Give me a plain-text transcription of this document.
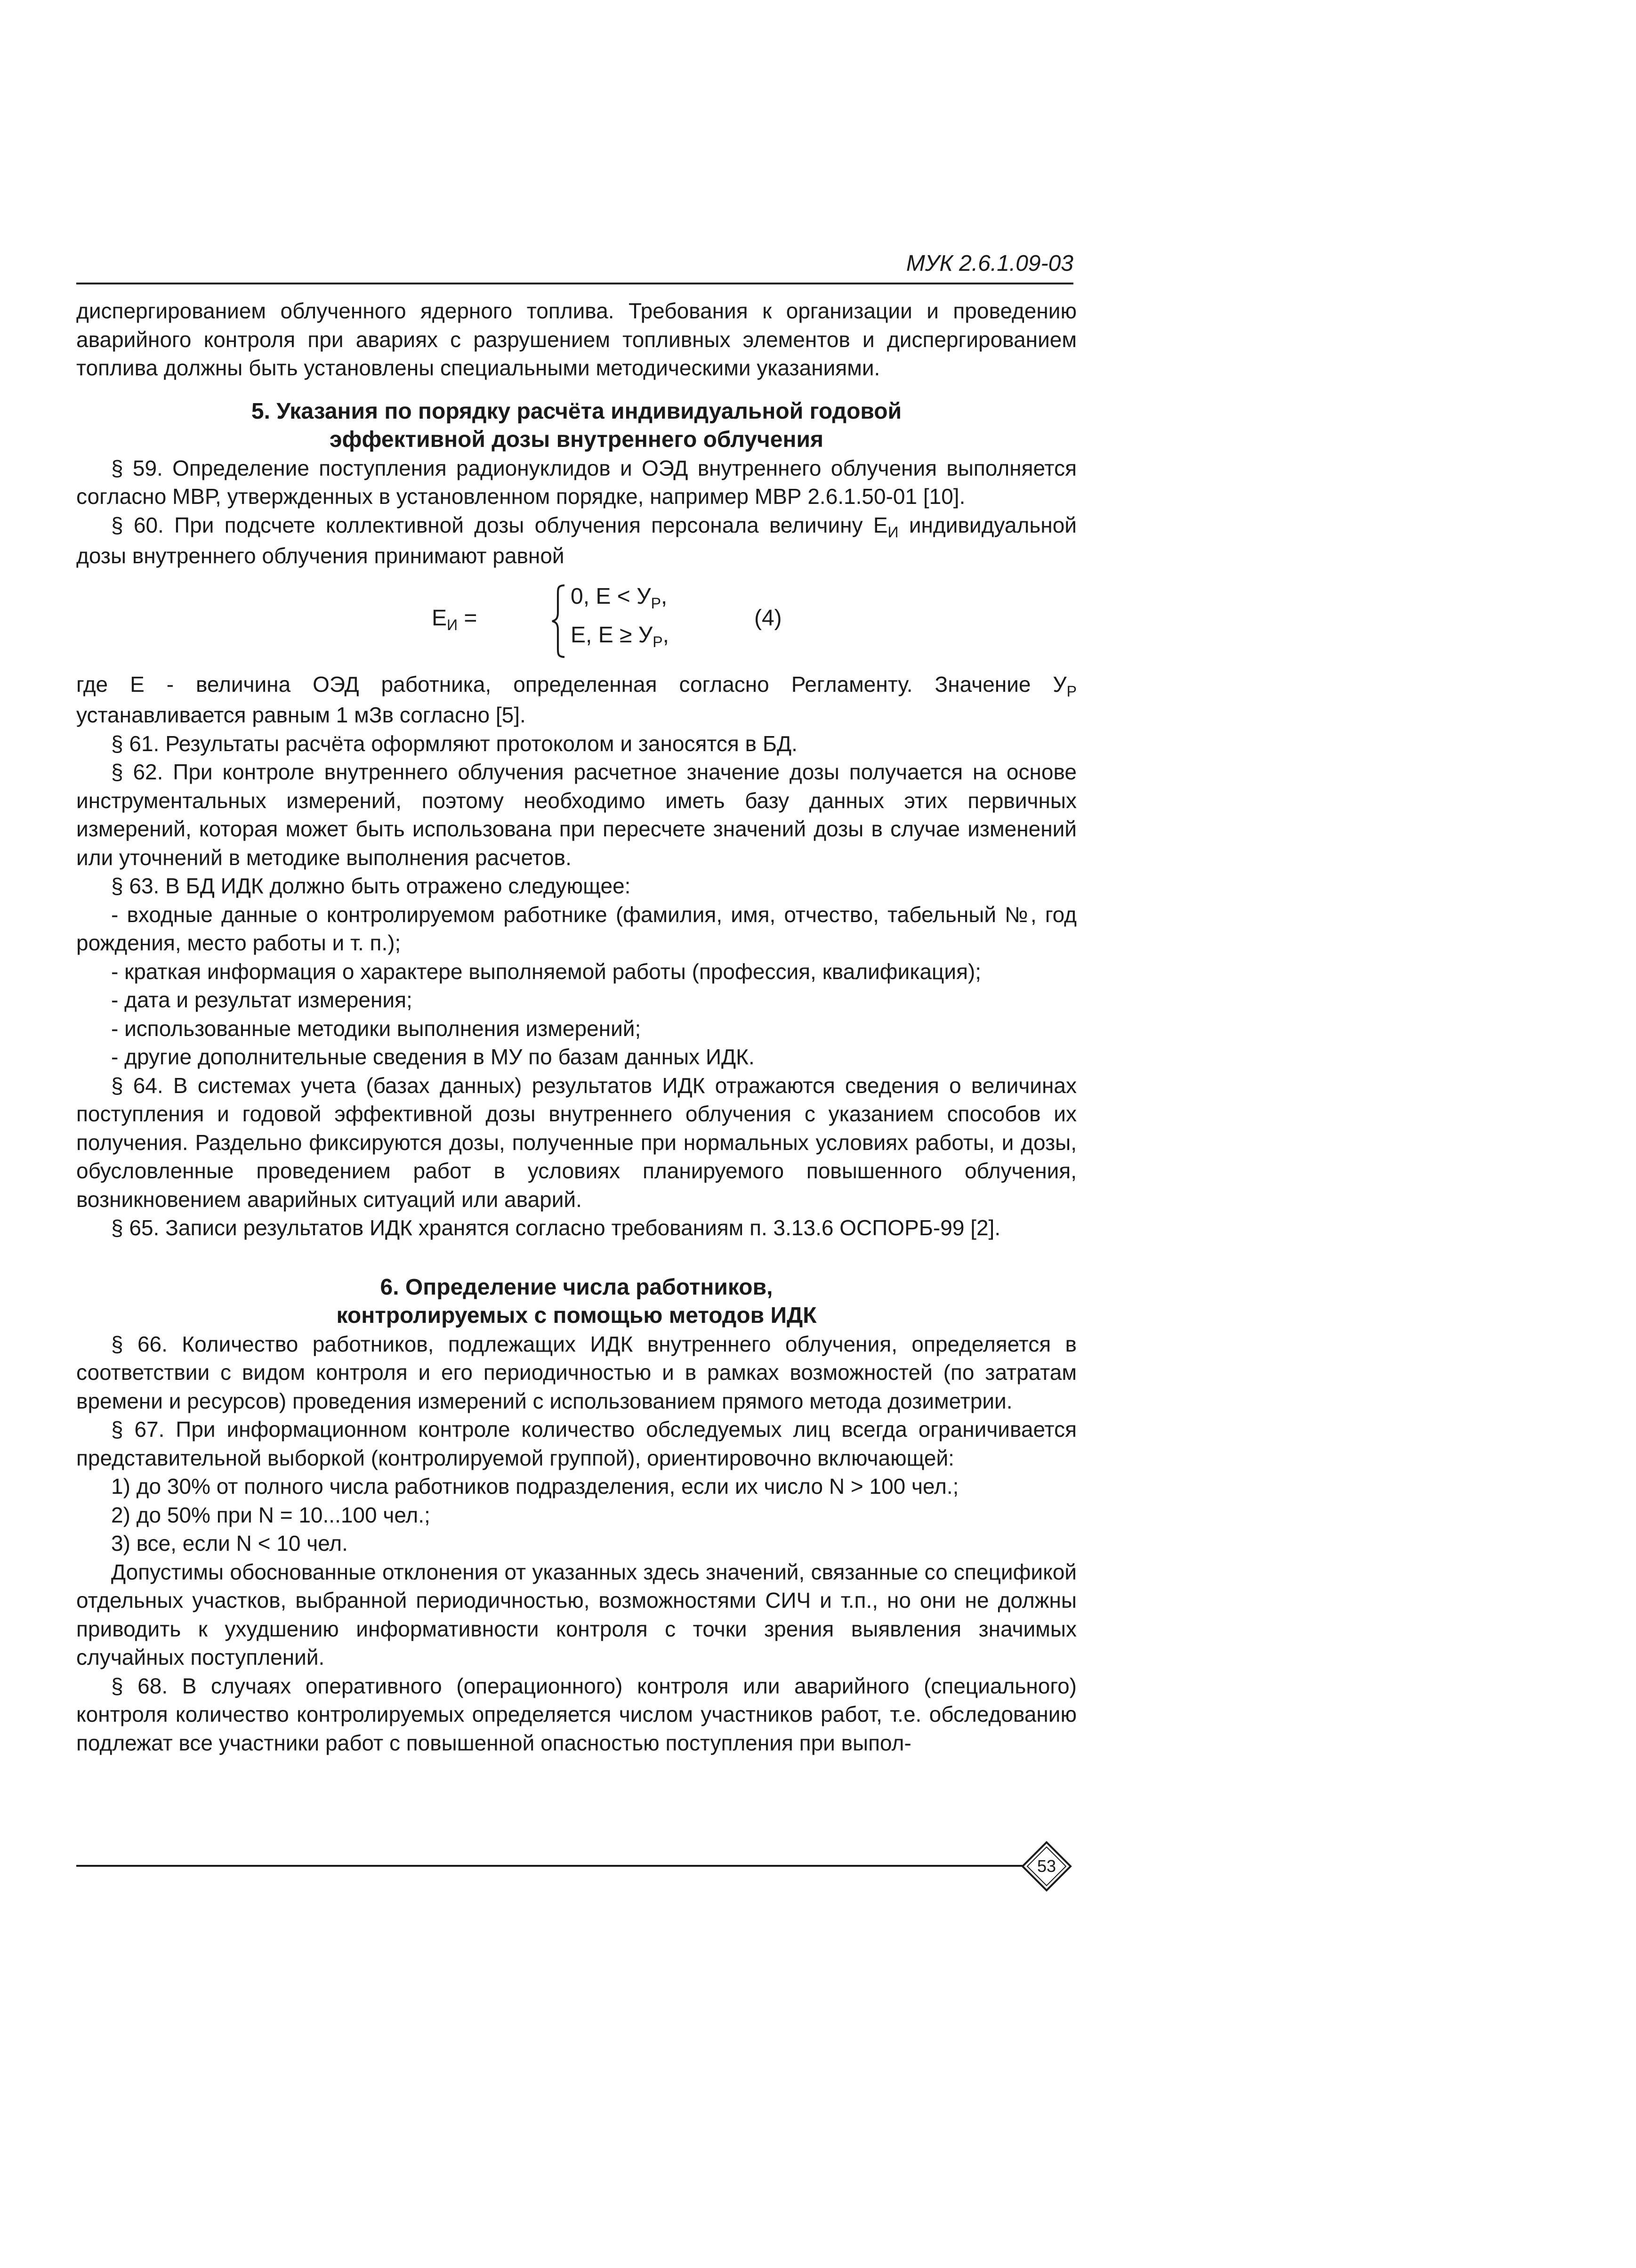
МУК 2.6.1.09-03

диспергированием облученного ядерного топлива. Требования к организации и проведению аварийного контроля при авариях с разрушением топливных элементов и диспергированием топлива должны быть установлены специальными методическими указаниями.

5. Указания по порядку расчёта индивидуальной годовой
эффективной дозы внутреннего облучения

§ 59. Определение поступления радионуклидов и ОЭД внутреннего облучения выполняется согласно МВР, утвержденных в установленном порядке, например МВР 2.6.1.50-01 [10].

§ 60. При подсчете коллективной дозы облучения персонала величину $Е_И$ индивидуальной дозы внутреннего облучения принимают равной

$Е_И$ =
0, $Е < У_Р$,
Е, $Е \ge У_Р$,
(4)

где Е - величина ОЭД работника, определенная согласно Регламенту. Значение $У_Р$ устанавливается равным 1 мЗв согласно [5].

§ 61. Результаты расчёта оформляют протоколом и заносятся в БД.

§ 62. При контроле внутреннего облучения расчетное значение дозы получается на основе инструментальных измерений, поэтому необходимо иметь базу данных этих первичных измерений, которая может быть использована при пересчете значений дозы в случае изменений или уточнений в методике выполнения расчетов.

§ 63. В БД ИДК должно быть отражено следующее:

- входные данные о контролируемом работнике (фамилия, имя, отчество, табельный №, год рождения, место работы и т. п.);

- краткая информация о характере выполняемой работы (профессия, квалификация);

- дата и результат измерения;

- использованные методики выполнения измерений;

- другие дополнительные сведения в МУ по базам данных ИДК.

§ 64. В системах учета (базах данных) результатов ИДК отражаются сведения о величинах поступления и годовой эффективной дозы внутреннего облучения с указанием способов их получения. Раздельно фиксируются дозы, полученные при нормальных условиях работы, и дозы, обусловленные проведением работ в условиях планируемого повышенного облучения, возникновением аварийных ситуаций или аварий.

§ 65. Записи результатов ИДК хранятся согласно требованиям п. 3.13.6 ОСПОРБ-99 [2].

6. Определение числа работников,
контролируемых с помощью методов ИДК

§ 66. Количество работников, подлежащих ИДК внутреннего облучения, определяется в соответствии с видом контроля и его периодичностью и в рамках возможностей (по затратам времени и ресурсов) проведения измерений с использованием прямого метода дозиметрии.

§ 67. При информационном контроле количество обследуемых лиц всегда ограничивается представительной выборкой (контролируемой группой), ориентировочно включающей:

1) до 30% от полного числа работников подразделения, если их число N > 100 чел.;

2) до 50% при N = 10...100 чел.;

3) все, если N < 10 чел.

Допустимы обоснованные отклонения от указанных здесь значений, связанные со спецификой отдельных участков, выбранной периодичностью, возможностями СИЧ и т.п., но они не должны приводить к ухудшению информативности контроля с точки зрения выявления значимых случайных поступлений.

§ 68. В случаях оперативного (операционного) контроля или аварийного (специального) контроля количество контролируемых определяется числом участников работ, т.е. обследованию подлежат все участники работ с повышенной опасностью поступления при выпол-

53
